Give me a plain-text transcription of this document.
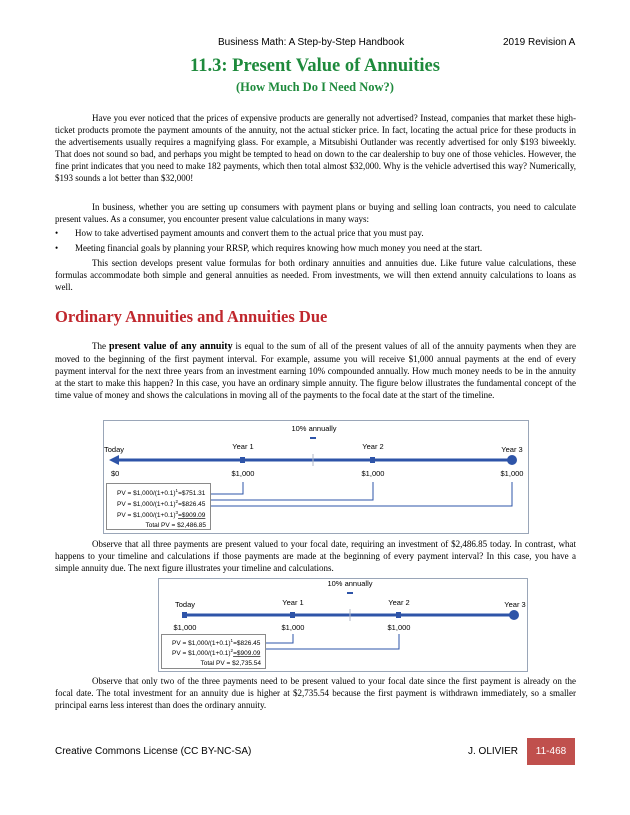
Business Math: A Step-by-Step Handbook	2019 Revision A
11.3: Present Value of Annuities
(How Much Do I Need Now?)

Have you ever noticed that the prices of expensive products are generally not advertised? Instead, companies that market these high-ticket products promote the payment amounts of the annuity, not the actual sticker price. In fact, locating the actual price for these products in the advertisements usually requires a magnifying glass. For example, a Mitsubishi Outlander was recently advertised for only $193 biweekly. That does not sound so bad, and perhaps you might be tempted to head on down to the car dealership to buy one of those vehicles. However, the fine print indicates that you need to make 182 payments, which then total almost $32,000. Why is the vehicle advertised this way? Numerically, $193 sounds a lot better than $32,000!

In business, whether you are setting up consumers with payment plans or buying and selling loan contracts, you need to calculate present values. As a consumer, you encounter present value calculations in many ways:

• How to take advertised payment amounts and convert them to the actual price that you must pay.
• Meeting financial goals by planning your RRSP, which requires knowing how much money you need at the start.

This section develops present value formulas for both ordinary annuities and annuities due. Like future value calculations, these formulas accommodate both simple and general annuities as needed. From investments, we will then extend annuity calculations to loans as well.

Ordinary Annuities and Annuities Due

The present value of any annuity is equal to the sum of all of the present values of all of the annuity payments when they are moved to the beginning of the first payment interval. For example, assume you will receive $1,000 annual payments at the end of every payment interval for the next three years from an investment earning 10% compounded annually. How much money needs to be in the annuity at the start to make this happen? In this case, you have an ordinary simple annuity. The figure below illustrates the fundamental concept of the time value of money and shows the calculations in moving all of the payments to the focal date at the start of the timeline.

10% annually
Today	Year 1	Year 2	Year 3
$0	$1,000	$1,000	$1,000
PV = $\$1,000/(1+0.1)^1=\$751.31$
PV = $\$1,000/(1+0.1)^2=\$826.45$
PV = $\$1,000/(1+0.1)^3=\$909.09$
Total PV = $2,486.85

Observe that all three payments are present valued to your focal date, requiring an investment of $2,486.85 today. In contrast, what happens to your timeline and calculations if those payments are made at the beginning of every payment interval? In this case, you have a simple annuity due. The next figure illustrates your timeline and calculations.

10% annually
Today	Year 1	Year 2	Year 3
$1,000	$1,000	$1,000
PV = $\$1,000/(1+0.1)^1=\$826.45$
PV = $\$1,000/(1+0.1)^2=\$909.09$
Total PV = $2,735.54

Observe that only two of the three payments need to be present valued to your focal date since the first payment is already on the focal date. The total investment for an annuity due is higher at $2,735.54 because the first payment is withdrawn immediately, so a smaller principal earns less interest than does the ordinary annuity.

Creative Commons License (CC BY-NC-SA)	J. OLIVIER	11-468
